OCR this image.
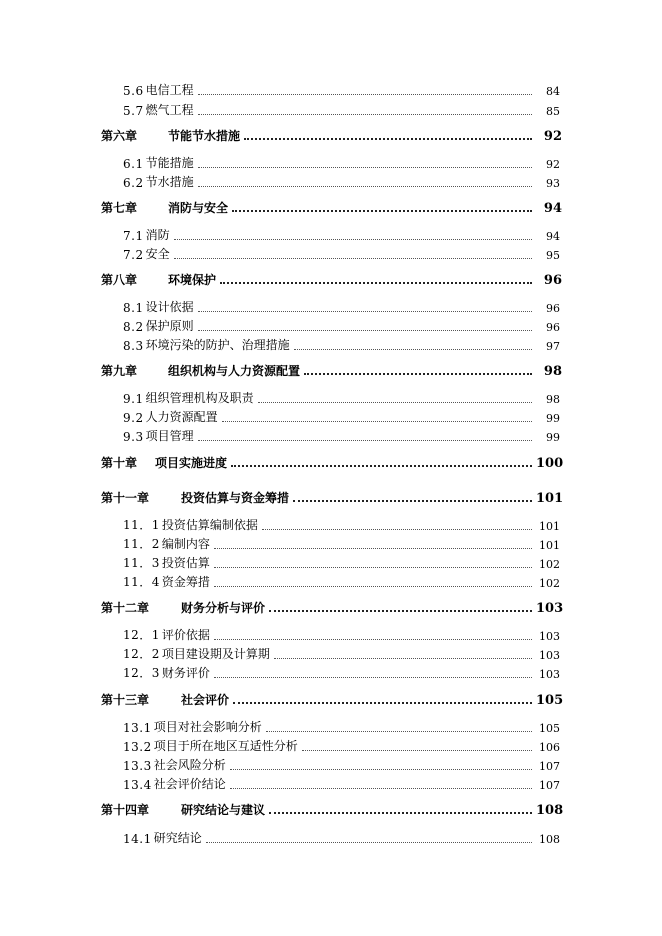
5.6 电信工程	84
5.7 燃气工程	85
第六章	节能节水措施	92
6.1 节能措施	92
6.2 节水措施	93
第七章	消防与安全	94
7.1 消防	94
7.2 安全	95
第八章	环境保护	96
8.1 设计依据	96
8.2 保护原则	96
8.3 环境污染的防护、治理措施	97
第九章	组织机构与人力资源配置	98
9.1 组织管理机构及职责	98
9.2 人力资源配置	99
9.3 项目管理	99
第十章	项目实施进度	100
第十一章	投资估算与资金筹措	101
11．1 投资估算编制依据	101
11．2 编制内容	101
11．3 投资估算	102
11．4 资金筹措	102
第十二章	财务分析与评价	103
12．1 评价依据	103
12．2 项目建设期及计算期	103
12．3 财务评价	103
第十三章	社会评价	105
13.1 项目对社会影响分析	105
13.2 项目于所在地区互适性分析	106
13.3 社会风险分析	107
13.4 社会评价结论	107
第十四章	研究结论与建议	108
14.1 研究结论	108
